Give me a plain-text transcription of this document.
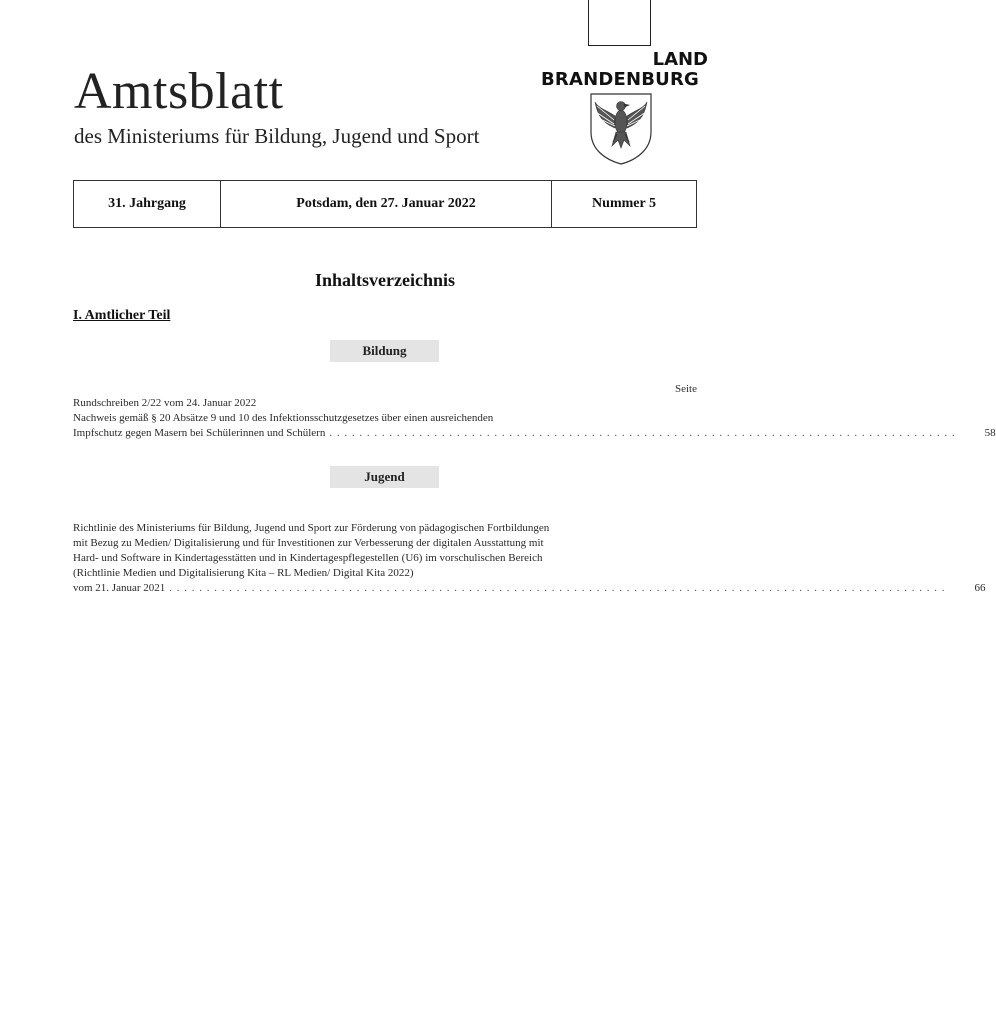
Amtsblatt
des Ministeriums für Bildung, Jugend und Sport
LAND
BRANDENBURG
31. Jahrgang	Potsdam, den 27. Januar 2022	Nummer 5
Inhaltsverzeichnis
I. Amtlicher Teil
Bildung
Seite
Rundschreiben 2/22 vom 24. Januar 2022
Nachweis gemäß § 20 Absätze 9 und 10 des Infektionsschutzgesetzes über einen ausreichenden
Impfschutz gegen Masern bei Schülerinnen und Schülern . . . . . . . . . . . . . . . . . . . . . . . . . . . . . . . . . . . . . . . . . . . . . . . . . . . . . . . . . . . . . . . . . . . . . . . . . . . . . . . . . . . .	58
Jugend
Richtlinie des Ministeriums für Bildung, Jugend und Sport zur Förderung von pädagogischen Fortbildungen
mit Bezug zu Medien/ Digitalisierung und für Investitionen zur Verbesserung der digitalen Ausstattung mit
Hard- und Software in Kindertagesstätten und in Kindertagespflegestellen (U6) im vorschulischen Bereich
(Richtlinie Medien und Digitalisierung Kita – RL Medien/ Digital Kita 2022)
vom 21. Januar 2021 . . . . . . . . . . . . . . . . . . . . . . . . . . . . . . . . . . . . . . . . . . . . . . . . . . . . . . . . . . . . . . . . . . . . . . . . . . . . . . . . . . . . . . . . . . . . . . . . . . . . . . . .	66
